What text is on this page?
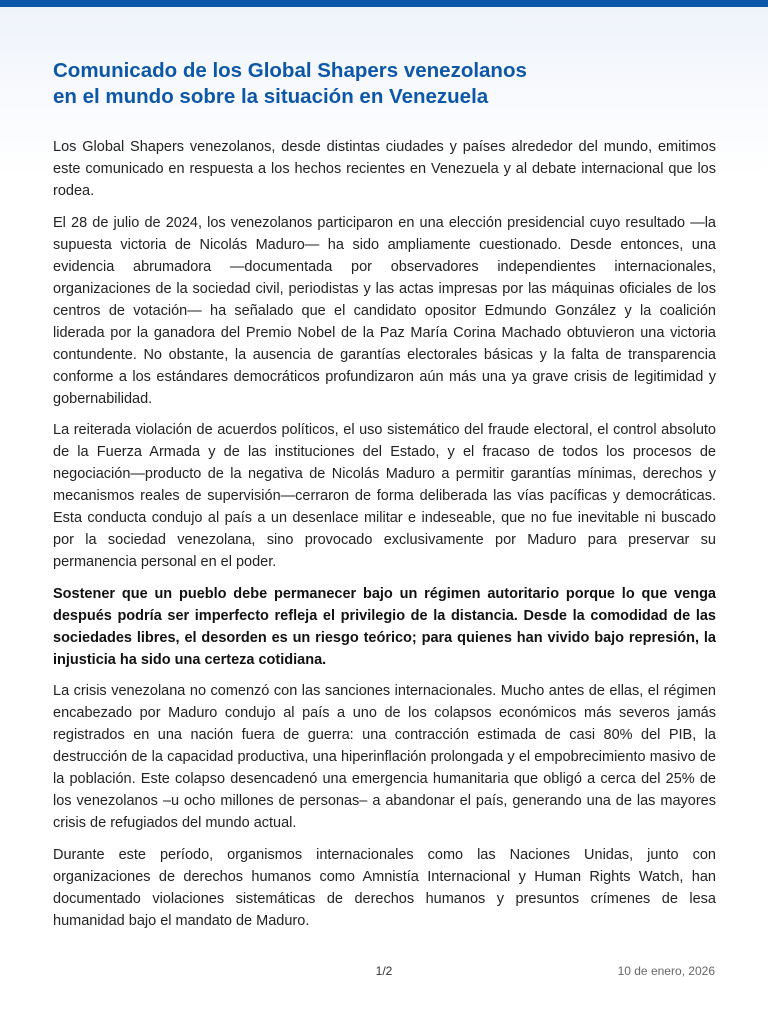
Comunicado de los Global Shapers venezolanos
en el mundo sobre la situación en Venezuela

Los Global Shapers venezolanos, desde distintas ciudades y países alrededor del mundo, emitimos este comunicado en respuesta a los hechos recientes en Venezuela y al debate internacional que los rodea.

El 28 de julio de 2024, los venezolanos participaron en una elección presidencial cuyo resultado —la supuesta victoria de Nicolás Maduro— ha sido ampliamente cuestionado. Desde entonces, una evidencia abrumadora —documentada por observadores independientes internacionales, organizaciones de la sociedad civil, periodistas y las actas impresas por las máquinas oficiales de los centros de votación— ha señalado que el candidato opositor Edmundo González y la coalición liderada por la ganadora del Premio Nobel de la Paz María Corina Machado obtuvieron una victoria contundente. No obstante, la ausencia de garantías electorales básicas y la falta de transparencia conforme a los estándares democráticos profundizaron aún más una ya grave crisis de legitimidad y gobernabilidad.

La reiterada violación de acuerdos políticos, el uso sistemático del fraude electoral, el control absoluto de la Fuerza Armada y de las instituciones del Estado, y el fracaso de todos los procesos de negociación—producto de la negativa de Nicolás Maduro a permitir garantías mínimas, derechos y mecanismos reales de supervisión—cerraron de forma deliberada las vías pacíficas y democráticas. Esta conducta condujo al país a un desenlace militar e indeseable, que no fue inevitable ni buscado por la sociedad venezolana, sino provocado exclusivamente por Maduro para preservar su permanencia personal en el poder.

Sostener que un pueblo debe permanecer bajo un régimen autoritario porque lo que venga después podría ser imperfecto refleja el privilegio de la distancia. Desde la comodidad de las sociedades libres, el desorden es un riesgo teórico; para quienes han vivido bajo represión, la injusticia ha sido una certeza cotidiana.

La crisis venezolana no comenzó con las sanciones internacionales. Mucho antes de ellas, el régimen encabezado por Maduro condujo al país a uno de los colapsos económicos más severos jamás registrados en una nación fuera de guerra: una contracción estimada de casi 80% del PIB, la destrucción de la capacidad productiva, una hiperinflación prolongada y el empobrecimiento masivo de la población. Este colapso desencadenó una emergencia humanitaria que obligó a cerca del 25% de los venezolanos –u ocho millones de personas– a abandonar el país, generando una de las mayores crisis de refugiados del mundo actual.

Durante este período, organismos internacionales como las Naciones Unidas, junto con organizaciones de derechos humanos como Amnistía Internacional y Human Rights Watch, han documentado violaciones sistemáticas de derechos humanos y presuntos crímenes de lesa humanidad bajo el mandato de Maduro.

1/2	10 de enero, 2026
